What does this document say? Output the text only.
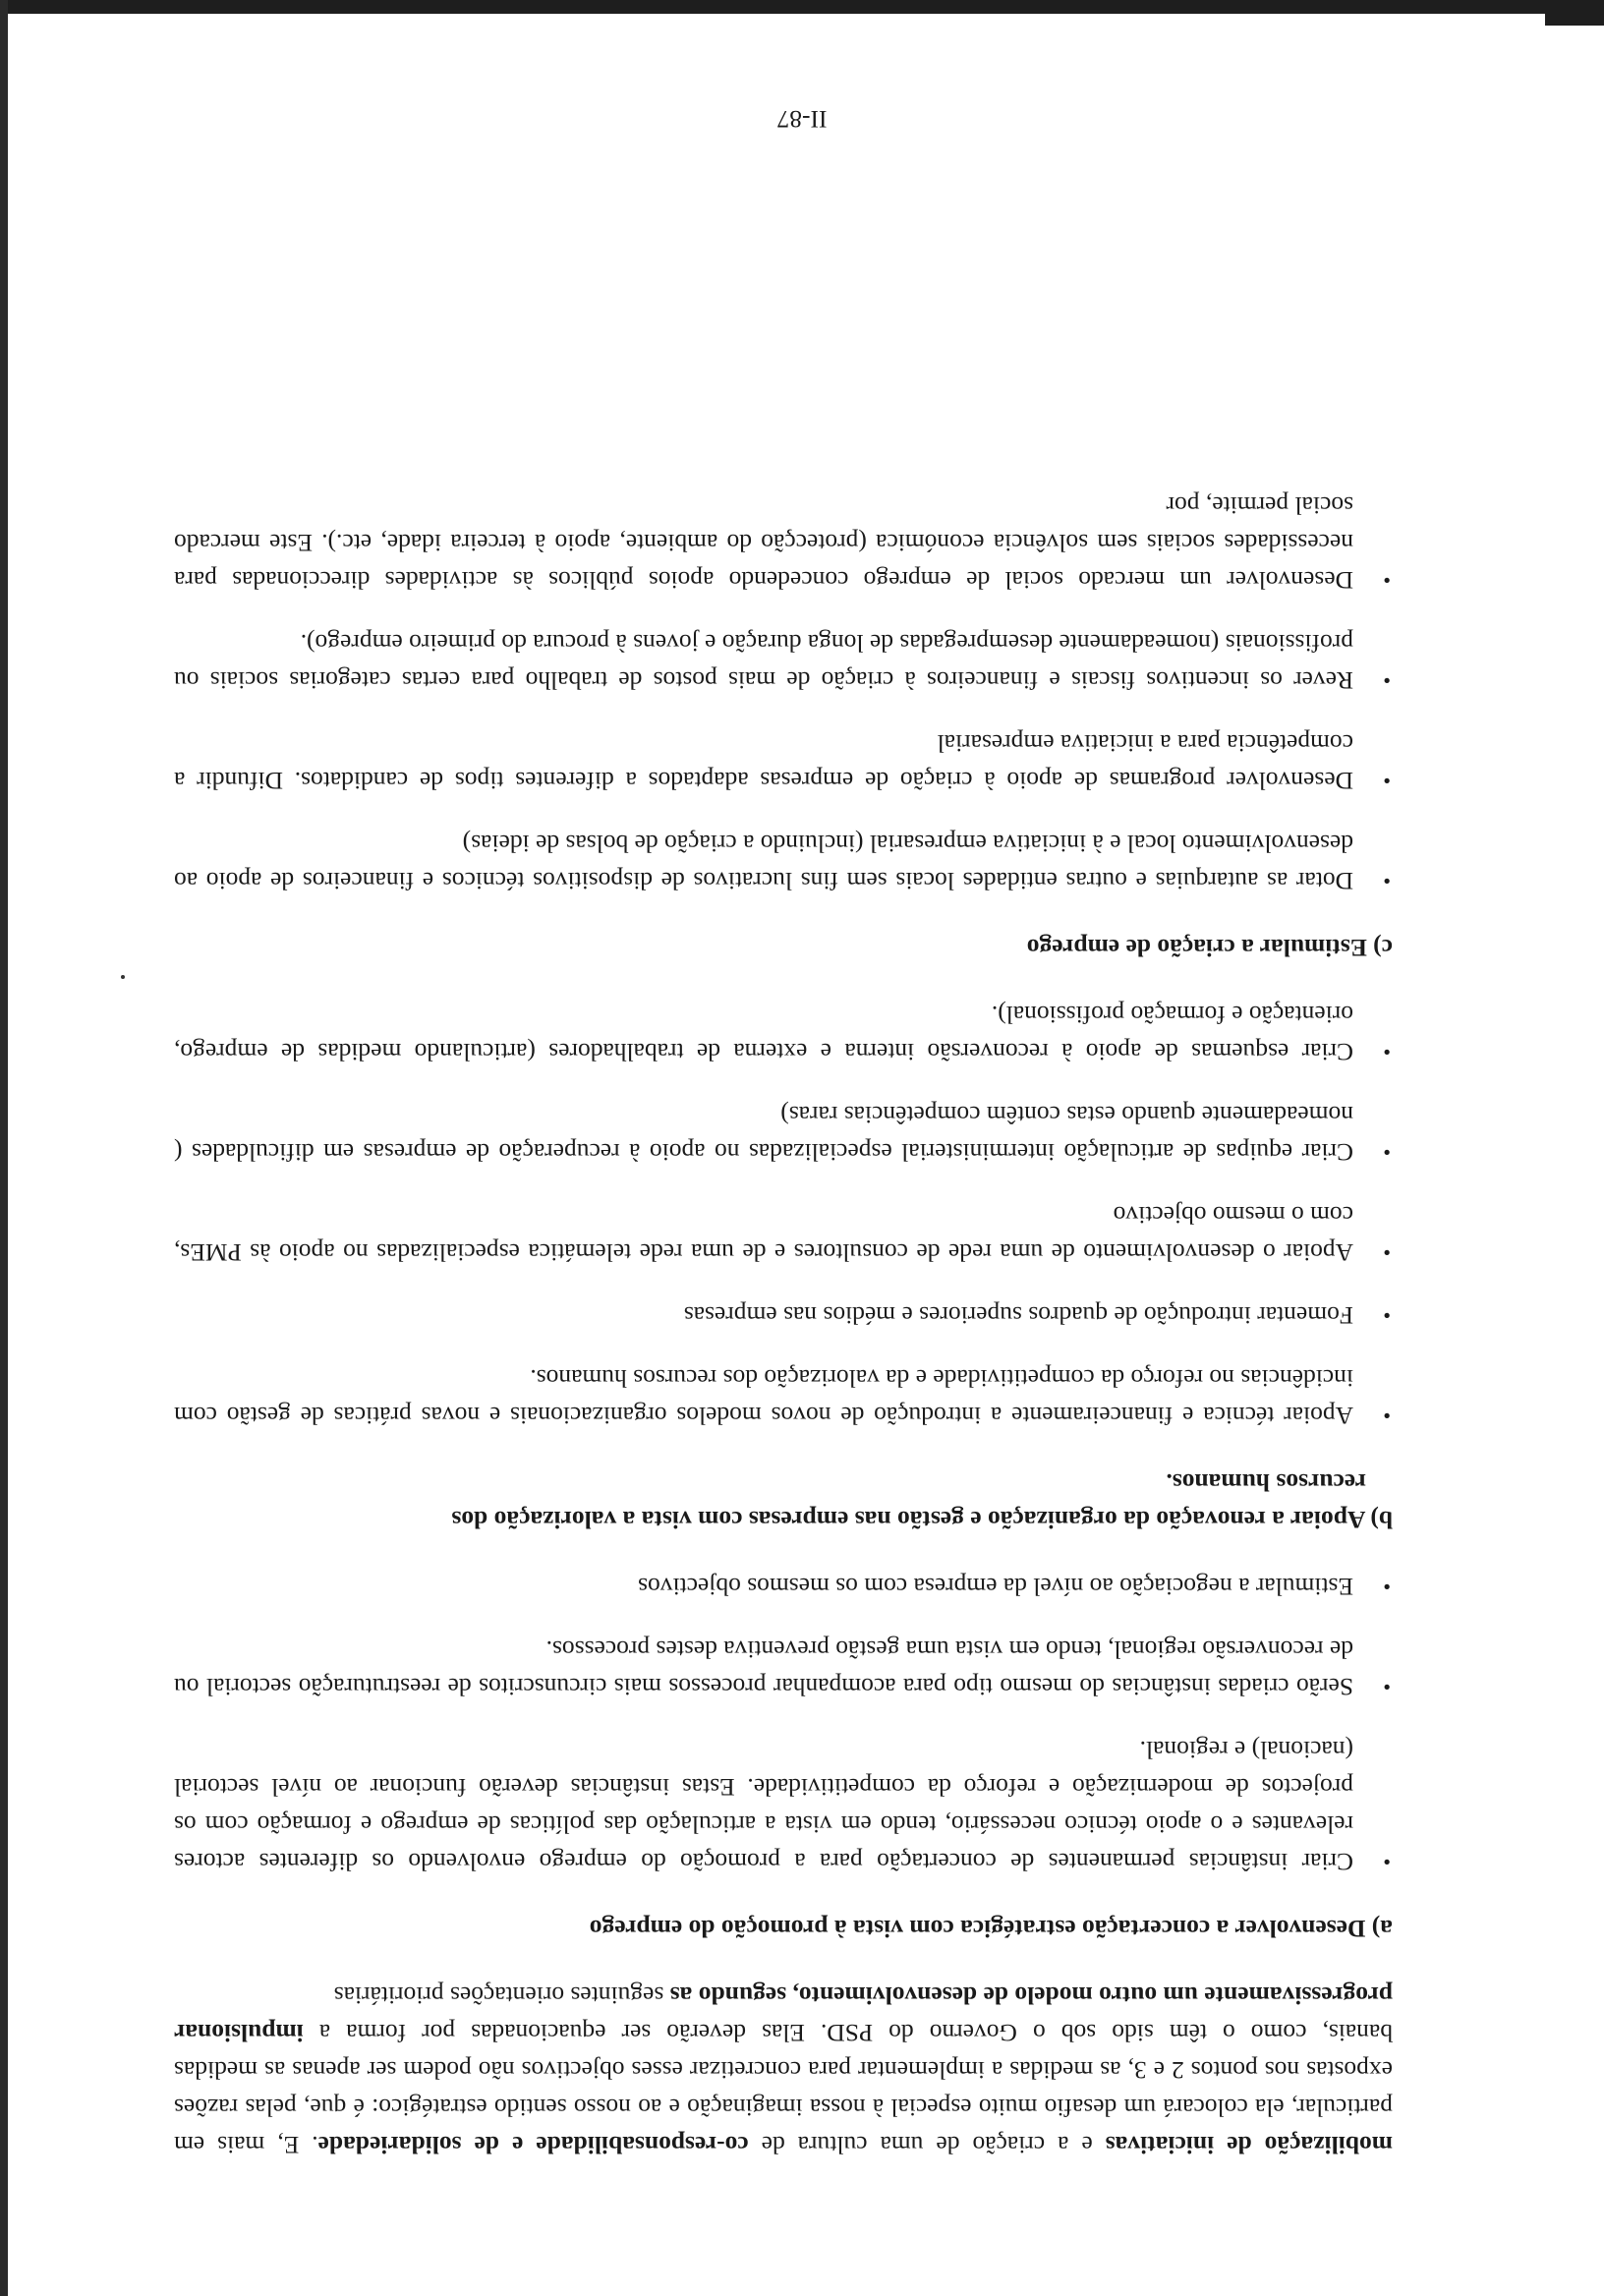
mobilização de iniciativas e a criação de uma cultura de co-responsabilidade e de solidariedade. E, mais em particular, ela colocará um desafio muito especial à nossa imaginação e ao nosso sentido estratégico: é que, pelas razões expostas nos pontos 2 e 3, as medidas a implementar para concretizar esses objectivos não podem ser apenas as medidas banais, como o têm sido sob o Governo do PSD. Elas deverão ser equacionadas por forma a impulsionar progressivamente um outro modelo de desenvolvimento, segundo as seguintes orientações prioritárias

a) Desenvolver a concertação estratégica com vista à promoção do emprego
•
Criar instâncias permanentes de concertação para a promoção do emprego envolvendo os diferentes actores relevantes e o apoio técnico necessário, tendo em vista a articulação das políticas de emprego e formação com os projectos de modernização e reforço da competitividade. Estas instâncias deverão funcionar ao nível sectorial (nacional) e regional.
•
Serão criadas instâncias do mesmo tipo para acompanhar processos mais circunscritos de reestruturação sectorial ou de reconversão regional, tendo em vista uma gestão preventiva destes processos.
•
Estimular a negociação ao nível da empresa com os mesmos objectivos
b) Apoiar a renovação da organização e gestão nas empresas com vista a valorização dos
recursos humanos.
•
Apoiar técnica e financeiramente a introdução de novos modelos organizacionais e novas práticas de gestão com incidências no reforço da competitividade e da valorização dos recursos humanos.
•
Fomentar introdução de quadros superiores e médios nas empresas
•
Apoiar o desenvolvimento de uma rede de consultores e de uma rede telemática especializadas no apoio às PMEs, com o mesmo objectivo
•
Criar equipas de articulação interministerial especializadas no apoio à recuperação de empresas em dificuldades ( nomeadamente quando estas contêm competências raras)
•
Criar esquemas de apoio à reconversão interna e externa de trabalhadores (articulando medidas de emprego, orientação e formação profissional).
c) Estimular a criação de emprego
•
Dotar as autarquias e outras entidades locais sem fins lucrativos de dispositivos técnicos e financeiros de apoio ao desenvolvimento local e à iniciativa empresarial (incluindo a criação de bolsas de ideias)
•
Desenvolver programas de apoio à criação de empresas adaptados a diferentes tipos de candidatos. Difundir a competência para a iniciativa empresarial
•
Rever os incentivos fiscais e financeiros à criação de mais postos de trabalho para certas categorias sociais ou profissionais (nomeadamente desempregadas de longa duração e jovens à procura do primeiro emprego).
•
Desenvolver um mercado social de emprego concedendo apoios públicos às actividades direccionadas para necessidades sociais sem solvência económica (protecção do ambiente, apoio à terceira idade, etc.). Este mercado social permite, por
II-87
